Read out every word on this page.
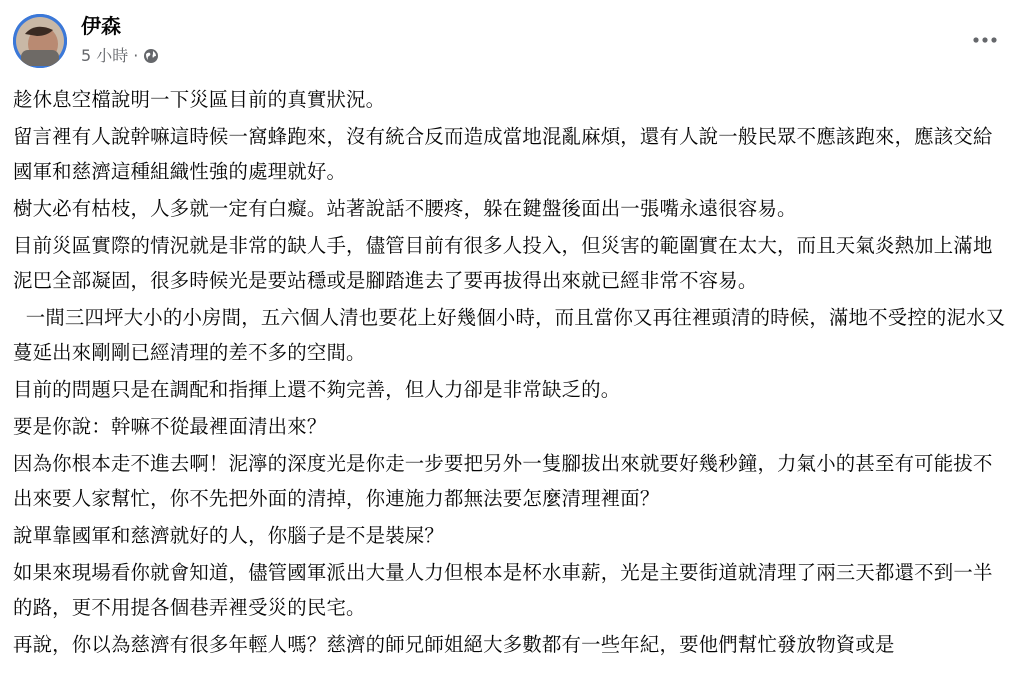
伊森
5 小時 ·

趁休息空檔說明一下災區目前的真實狀況。

留言裡有人說幹嘛這時候一窩蜂跑來，沒有統合反而造成當地混亂麻煩，還有人說一般民眾不應該跑來，應該交給國軍和慈濟這種組織性強的處理就好。

樹大必有枯枝，人多就一定有白癡。站著說話不腰疼，躲在鍵盤後面出一張嘴永遠很容易。

目前災區實際的情況就是非常的缺人手，儘管目前有很多人投入，但災害的範圍實在太大，而且天氣炎熱加上滿地泥巴全部凝固，很多時候光是要站穩或是腳踏進去了要再拔得出來就已經非常不容易。

一間三四坪大小的小房間，五六個人清也要花上好幾個小時，而且當你又再往裡頭清的時候，滿地不受控的泥水又蔓延出來剛剛已經清理的差不多的空間。

目前的問題只是在調配和指揮上還不夠完善，但人力卻是非常缺乏的。

要是你說：幹嘛不從最裡面清出來？

因為你根本走不進去啊！泥濘的深度光是你走一步要把另外一隻腳拔出來就要好幾秒鐘，力氣小的甚至有可能拔不出來要人家幫忙，你不先把外面的清掉，你連施力都無法要怎麼清理裡面？

說單靠國軍和慈濟就好的人，你腦子是不是裝屎？

如果來現場看你就會知道，儘管國軍派出大量人力但根本是杯水車薪，光是主要街道就清理了兩三天都還不到一半的路，更不用提各個巷弄裡受災的民宅。

再說，你以為慈濟有很多年輕人嗎？慈濟的師兄師姐絕大多數都有一些年紀，要他們幫忙發放物資或是
